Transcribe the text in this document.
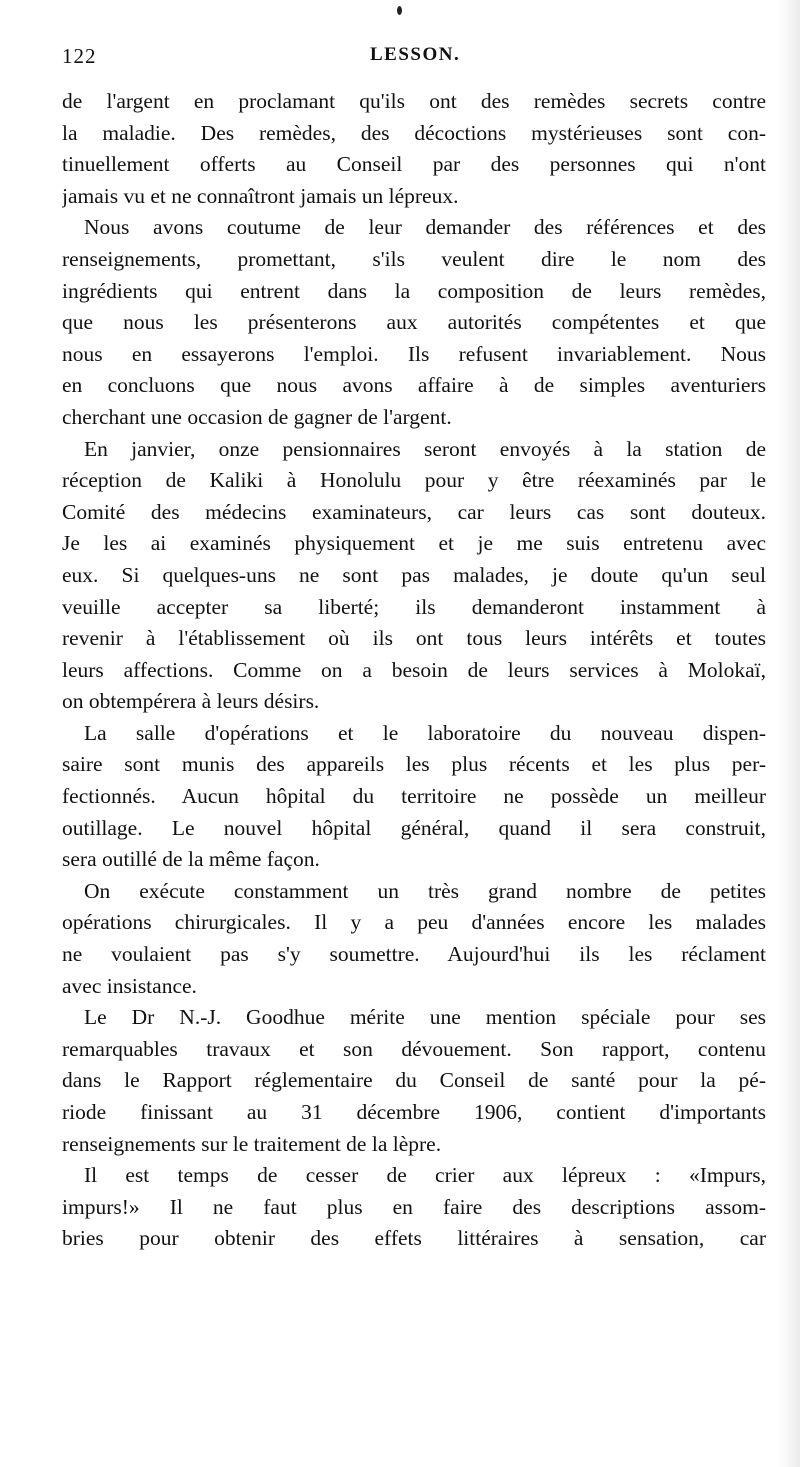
122	LESSON.
de l'argent en proclamant qu'ils ont des remèdes secrets contre
la maladie. Des remèdes, des décoctions mystérieuses sont con-
tinuellement offerts au Conseil par des personnes qui n'ont
jamais vu et ne connaîtront jamais un lépreux.
Nous avons coutume de leur demander des références et des
renseignements, promettant, s'ils veulent dire le nom des
ingrédients qui entrent dans la composition de leurs remèdes,
que nous les présenterons aux autorités compétentes et que
nous en essayerons l'emploi. Ils refusent invariablement. Nous
en concluons que nous avons affaire à de simples aventuriers
cherchant une occasion de gagner de l'argent.
En janvier, onze pensionnaires seront envoyés à la station de
réception de Kaliki à Honolulu pour y être réexaminés par le
Comité des médecins examinateurs, car leurs cas sont douteux.
Je les ai examinés physiquement et je me suis entretenu avec
eux. Si quelques-uns ne sont pas malades, je doute qu'un seul
veuille accepter sa liberté; ils demanderont instamment à
revenir à l'établissement où ils ont tous leurs intérêts et toutes
leurs affections. Comme on a besoin de leurs services à Molokaï,
on obtempérera à leurs désirs.
La salle d'opérations et le laboratoire du nouveau dispen-
saire sont munis des appareils les plus récents et les plus per-
fectionnés. Aucun hôpital du territoire ne possède un meilleur
outillage. Le nouvel hôpital général, quand il sera construit,
sera outillé de la même façon.
On exécute constamment un très grand nombre de petites
opérations chirurgicales. Il y a peu d'années encore les malades
ne voulaient pas s'y soumettre. Aujourd'hui ils les réclament
avec insistance.
Le Dr N.-J. Goodhue mérite une mention spéciale pour ses
remarquables travaux et son dévouement. Son rapport, contenu
dans le Rapport réglementaire du Conseil de santé pour la pé-
riode finissant au 31 décembre 1906, contient d'importants
renseignements sur le traitement de la lèpre.
Il est temps de cesser de crier aux lépreux : «Impurs,
impurs!» Il ne faut plus en faire des descriptions assom-
bries pour obtenir des effets littéraires à sensation, car
